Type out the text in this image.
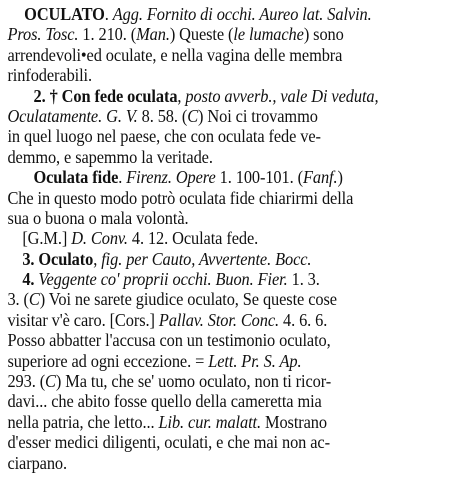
OCULATO. Agg. Fornito di occhi. Aureo lat. Salvin.
Pros. Tosc. 1. 210. (Man.) Queste (le lumache) sono
arrendevoli•ed oculate, e nella vagina delle membra
rinfoderabili.
2. † Con fede oculata, posto avverb., vale Di veduta,
Oculatamente. G. V. 8. 58. (C) Noi ci trovammo
in quel luogo nel paese, che con oculata fede ve-
demmo, e sapemmo la veritade.
Oculata fide. Firenz. Opere 1. 100-101. (Fanf.)
Che in questo modo potrò oculata fide chiarirmi della
sua o buona o mala volontà.
[G.M.] D. Conv. 4. 12. Oculata fede.
3. Oculato, fig. per Cauto, Avvertente. Bocc.
4. Veggente co' proprii occhi. Buon. Fier. 1. 3.
3. (C) Voi ne sarete giudice oculato, Se queste cose
visitar v'è caro. [Cors.] Pallav. Stor. Conc. 4. 6. 6.
Posso abbatter l'accusa con un testimonio oculato,
superiore ad ogni eccezione. = Lett. Pr. S. Ap.
293. (C) Ma tu, che se' uomo oculato, non ti ricor-
davi... che abito fosse quello della cameretta mia
nella patria, che letto... Lib. cur. malatt. Mostrano
d'esser medici diligenti, oculati, e che mai non ac-
ciarpano.
